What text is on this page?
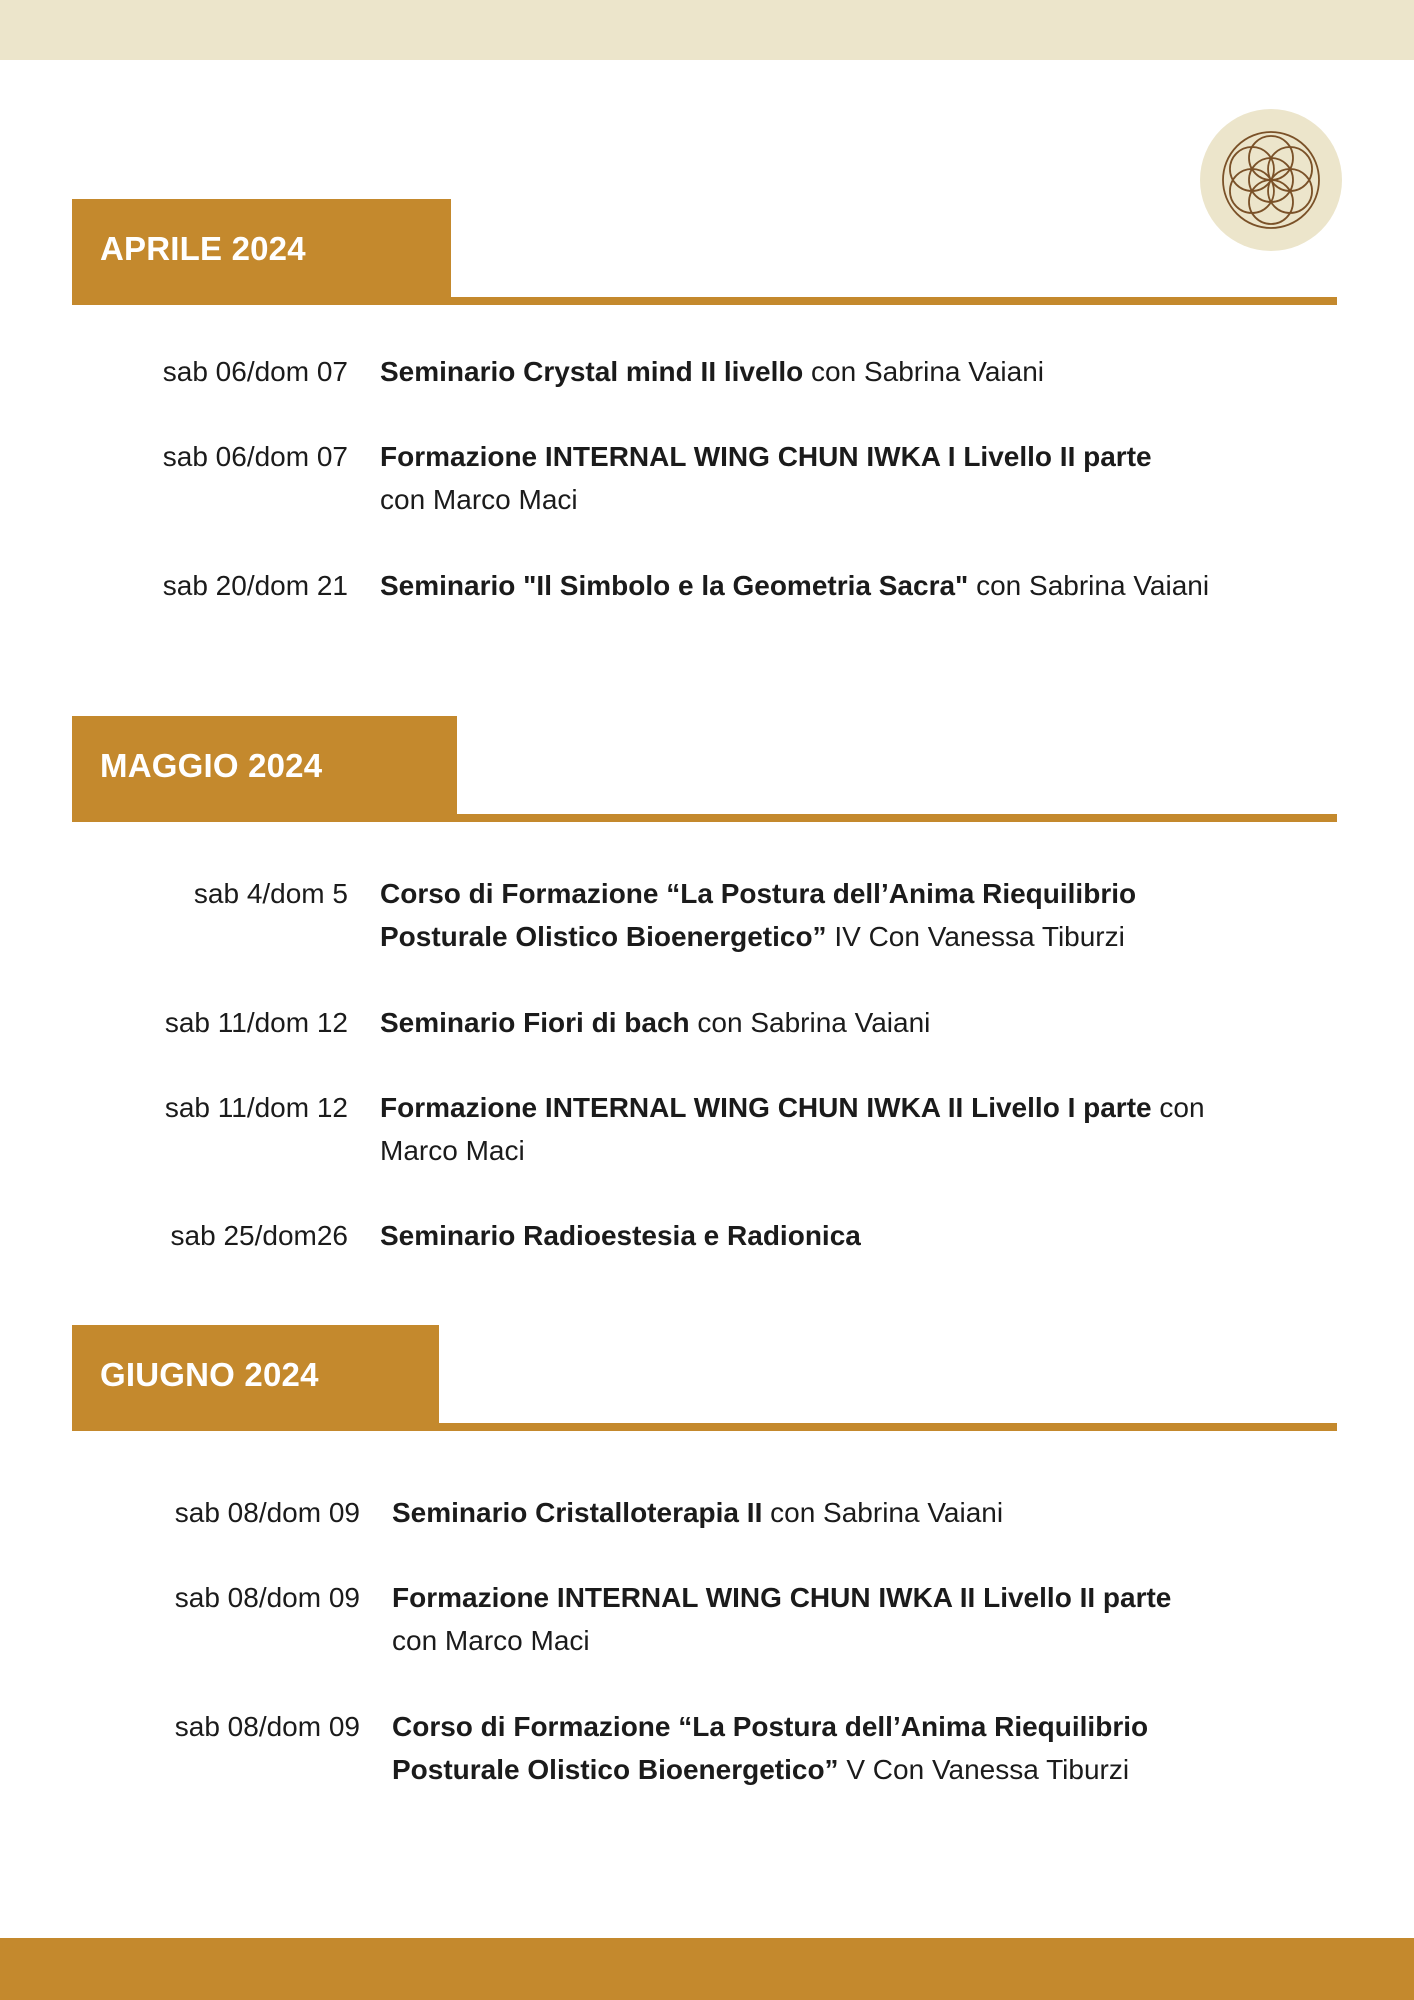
APRILE 2024
sab 06/dom 07 Seminario Crystal mind II livello con Sabrina Vaiani
sab 06/dom 07 Formazione INTERNAL WING CHUN IWKA I Livello II parte
con Marco Maci
sab 20/dom 21 Seminario "Il Simbolo e la Geometria Sacra" con Sabrina Vaiani
MAGGIO 2024
sab 4/dom 5 Corso di Formazione “La Postura dell’Anima Riequilibrio Posturale Olistico Bioenergetico” IV Con Vanessa Tiburzi
sab 11/dom 12 Seminario Fiori di bach con Sabrina Vaiani
sab 11/dom 12 Formazione INTERNAL WING CHUN IWKA II Livello I parte con Marco Maci
sab 25/dom26 Seminario Radioestesia e Radionica
GIUGNO 2024
sab 08/dom 09 Seminario Cristalloterapia II con Sabrina Vaiani
sab 08/dom 09 Formazione INTERNAL WING CHUN IWKA II Livello II parte
con Marco Maci
sab 08/dom 09 Corso di Formazione “La Postura dell’Anima Riequilibrio Posturale Olistico Bioenergetico” V Con Vanessa Tiburzi
